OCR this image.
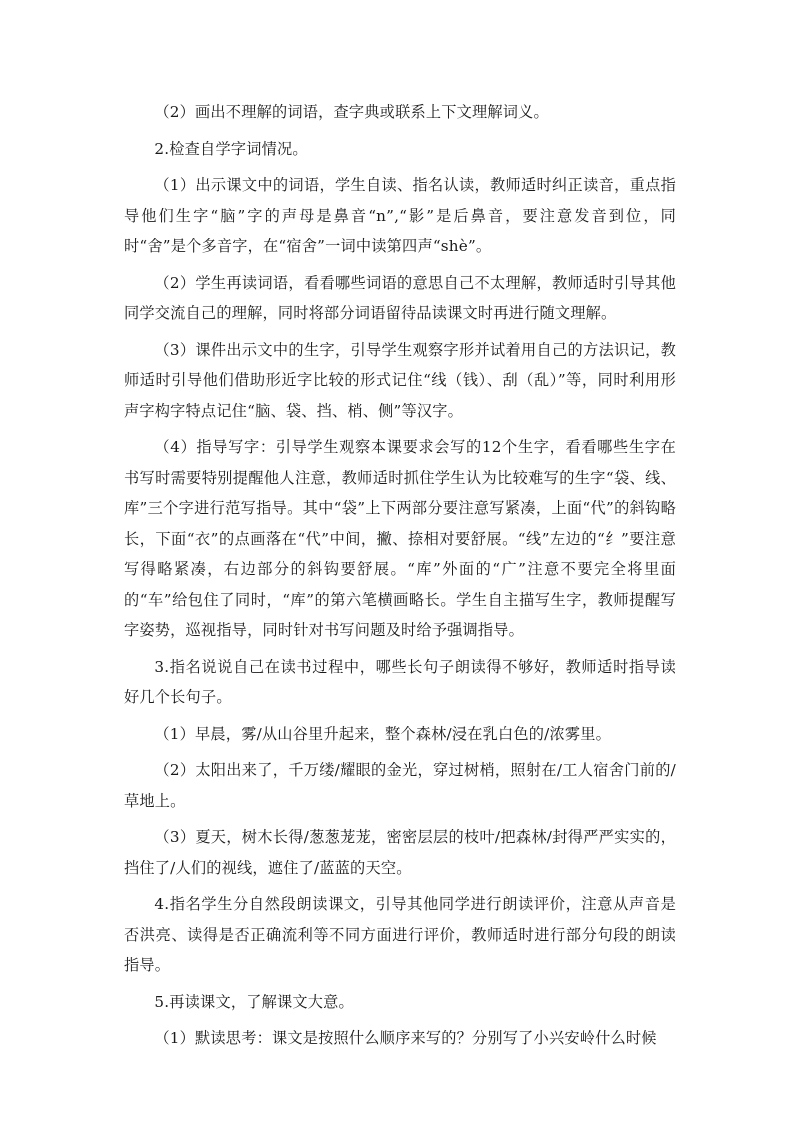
（2）画出不理解的词语，查字典或联系上下文理解词义。

2.检查自学字词情况。

（1）出示课文中的词语，学生自读、指名认读，教师适时纠正读音，重点指导他们生字“脑”字的声母是鼻音“n”,“影”是后鼻音，要注意发音到位，同时“舍”是个多音字，在“宿舍”一词中读第四声“shè”。

（2）学生再读词语，看看哪些词语的意思自己不太理解，教师适时引导其他同学交流自己的理解，同时将部分词语留待品读课文时再进行随文理解。

（3）课件出示文中的生字，引导学生观察字形并试着用自己的方法识记，教师适时引导他们借助形近字比较的形式记住“线（钱）、刮（乱）”等，同时利用形声字构字特点记住“脑、袋、挡、梢、侧”等汉字。

（4）指导写字：引导学生观察本课要求会写的12个生字，看看哪些生字在书写时需要特别提醒他人注意，教师适时抓住学生认为比较难写的生字“袋、线、库”三个字进行范写指导。其中“袋”上下两部分要注意写紧凑，上面“代”的斜钩略长，下面“衣”的点画落在“代”中间，撇、捺相对要舒展。“线”左边的“纟”要注意写得略紧凑，右边部分的斜钩要舒展。“库”外面的“广”注意不要完全将里面的“车”给包住了同时，“库”的第六笔横画略长。学生自主描写生字，教师提醒写字姿势，巡视指导，同时针对书写问题及时给予强调指导。

3.指名说说自己在读书过程中，哪些长句子朗读得不够好，教师适时指导读好几个长句子。

（1）早晨，雾/从山谷里升起来，整个森林/浸在乳白色的/浓雾里。

（2）太阳出来了，千万缕/耀眼的金光，穿过树梢，照射在/工人宿舍门前的/草地上。

（3）夏天，树木长得/葱葱茏茏，密密层层的枝叶/把森林/封得严严实实的，挡住了/人们的视线，遮住了/蓝蓝的天空。

4.指名学生分自然段朗读课文，引导其他同学进行朗读评价，注意从声音是否洪亮、读得是否正确流利等不同方面进行评价，教师适时进行部分句段的朗读指导。

5.再读课文，了解课文大意。

（1）默读思考：课文是按照什么顺序来写的？分别写了小兴安岭什么时候
